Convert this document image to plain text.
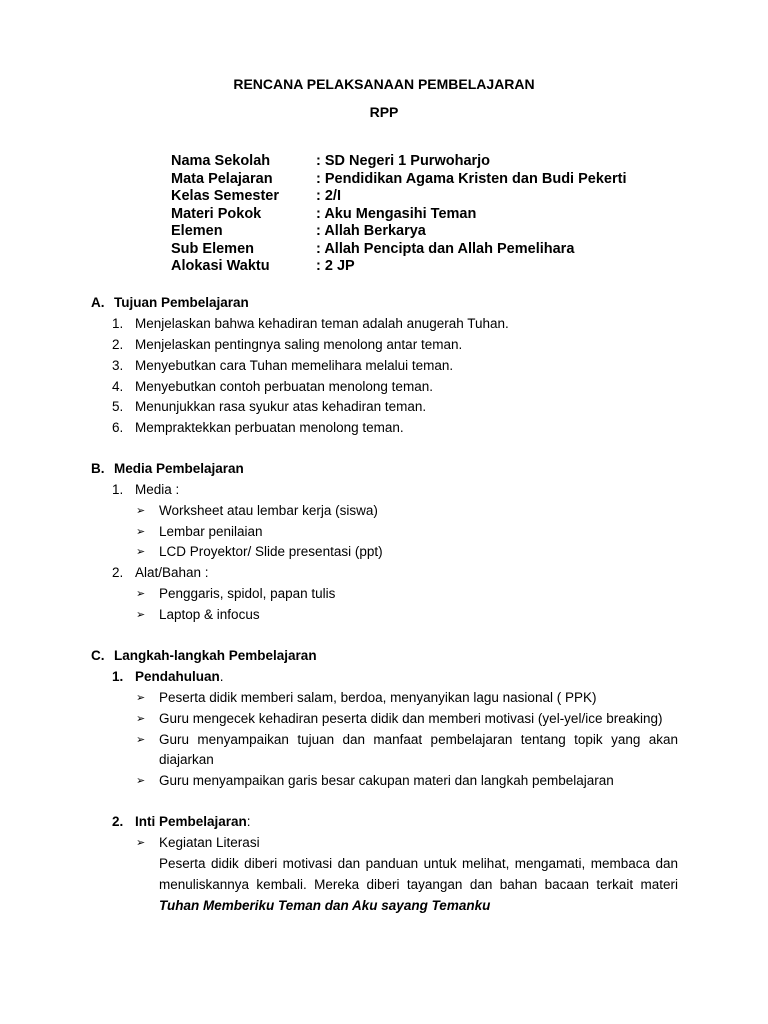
RENCANA PELAKSANAAN PEMBELAJARAN
RPP
Nama Sekolah	: SD Negeri 1 Purwoharjo
Mata Pelajaran	: Pendidikan Agama Kristen dan Budi Pekerti
Kelas Semester	: 2/I
Materi Pokok	: Aku Mengasihi Teman
Elemen	: Allah Berkarya
Sub Elemen	: Allah Pencipta dan Allah Pemelihara
Alokasi Waktu	: 2 JP
A. Tujuan Pembelajaran
1. Menjelaskan bahwa kehadiran teman adalah anugerah Tuhan.
2. Menjelaskan pentingnya saling menolong antar teman.
3. Menyebutkan cara Tuhan memelihara melalui teman.
4. Menyebutkan contoh perbuatan menolong teman.
5. Menunjukkan rasa syukur atas kehadiran teman.
6. Mempraktekkan perbuatan menolong teman.
B. Media Pembelajaran
1. Media :
➢ Worksheet atau lembar kerja (siswa)
➢ Lembar penilaian
➢ LCD Proyektor/ Slide presentasi (ppt)
2. Alat/Bahan :
➢ Penggaris, spidol, papan tulis
➢ Laptop & infocus
C. Langkah-langkah Pembelajaran
1. Pendahuluan.
➢ Peserta didik memberi salam, berdoa, menyanyikan lagu nasional ( PPK)
➢ Guru mengecek kehadiran peserta didik dan memberi motivasi (yel-yel/ice breaking)
➢ Guru menyampaikan tujuan dan manfaat pembelajaran tentang topik yang akan
diajarkan
➢ Guru menyampaikan garis besar cakupan materi dan langkah pembelajaran
2. Inti Pembelajaran:
➢ Kegiatan Literasi
Peserta didik diberi motivasi dan panduan untuk melihat, mengamati, membaca dan
menuliskannya kembali. Mereka diberi tayangan dan bahan bacaan terkait materi
Tuhan Memberiku Teman dan Aku sayang Temanku
